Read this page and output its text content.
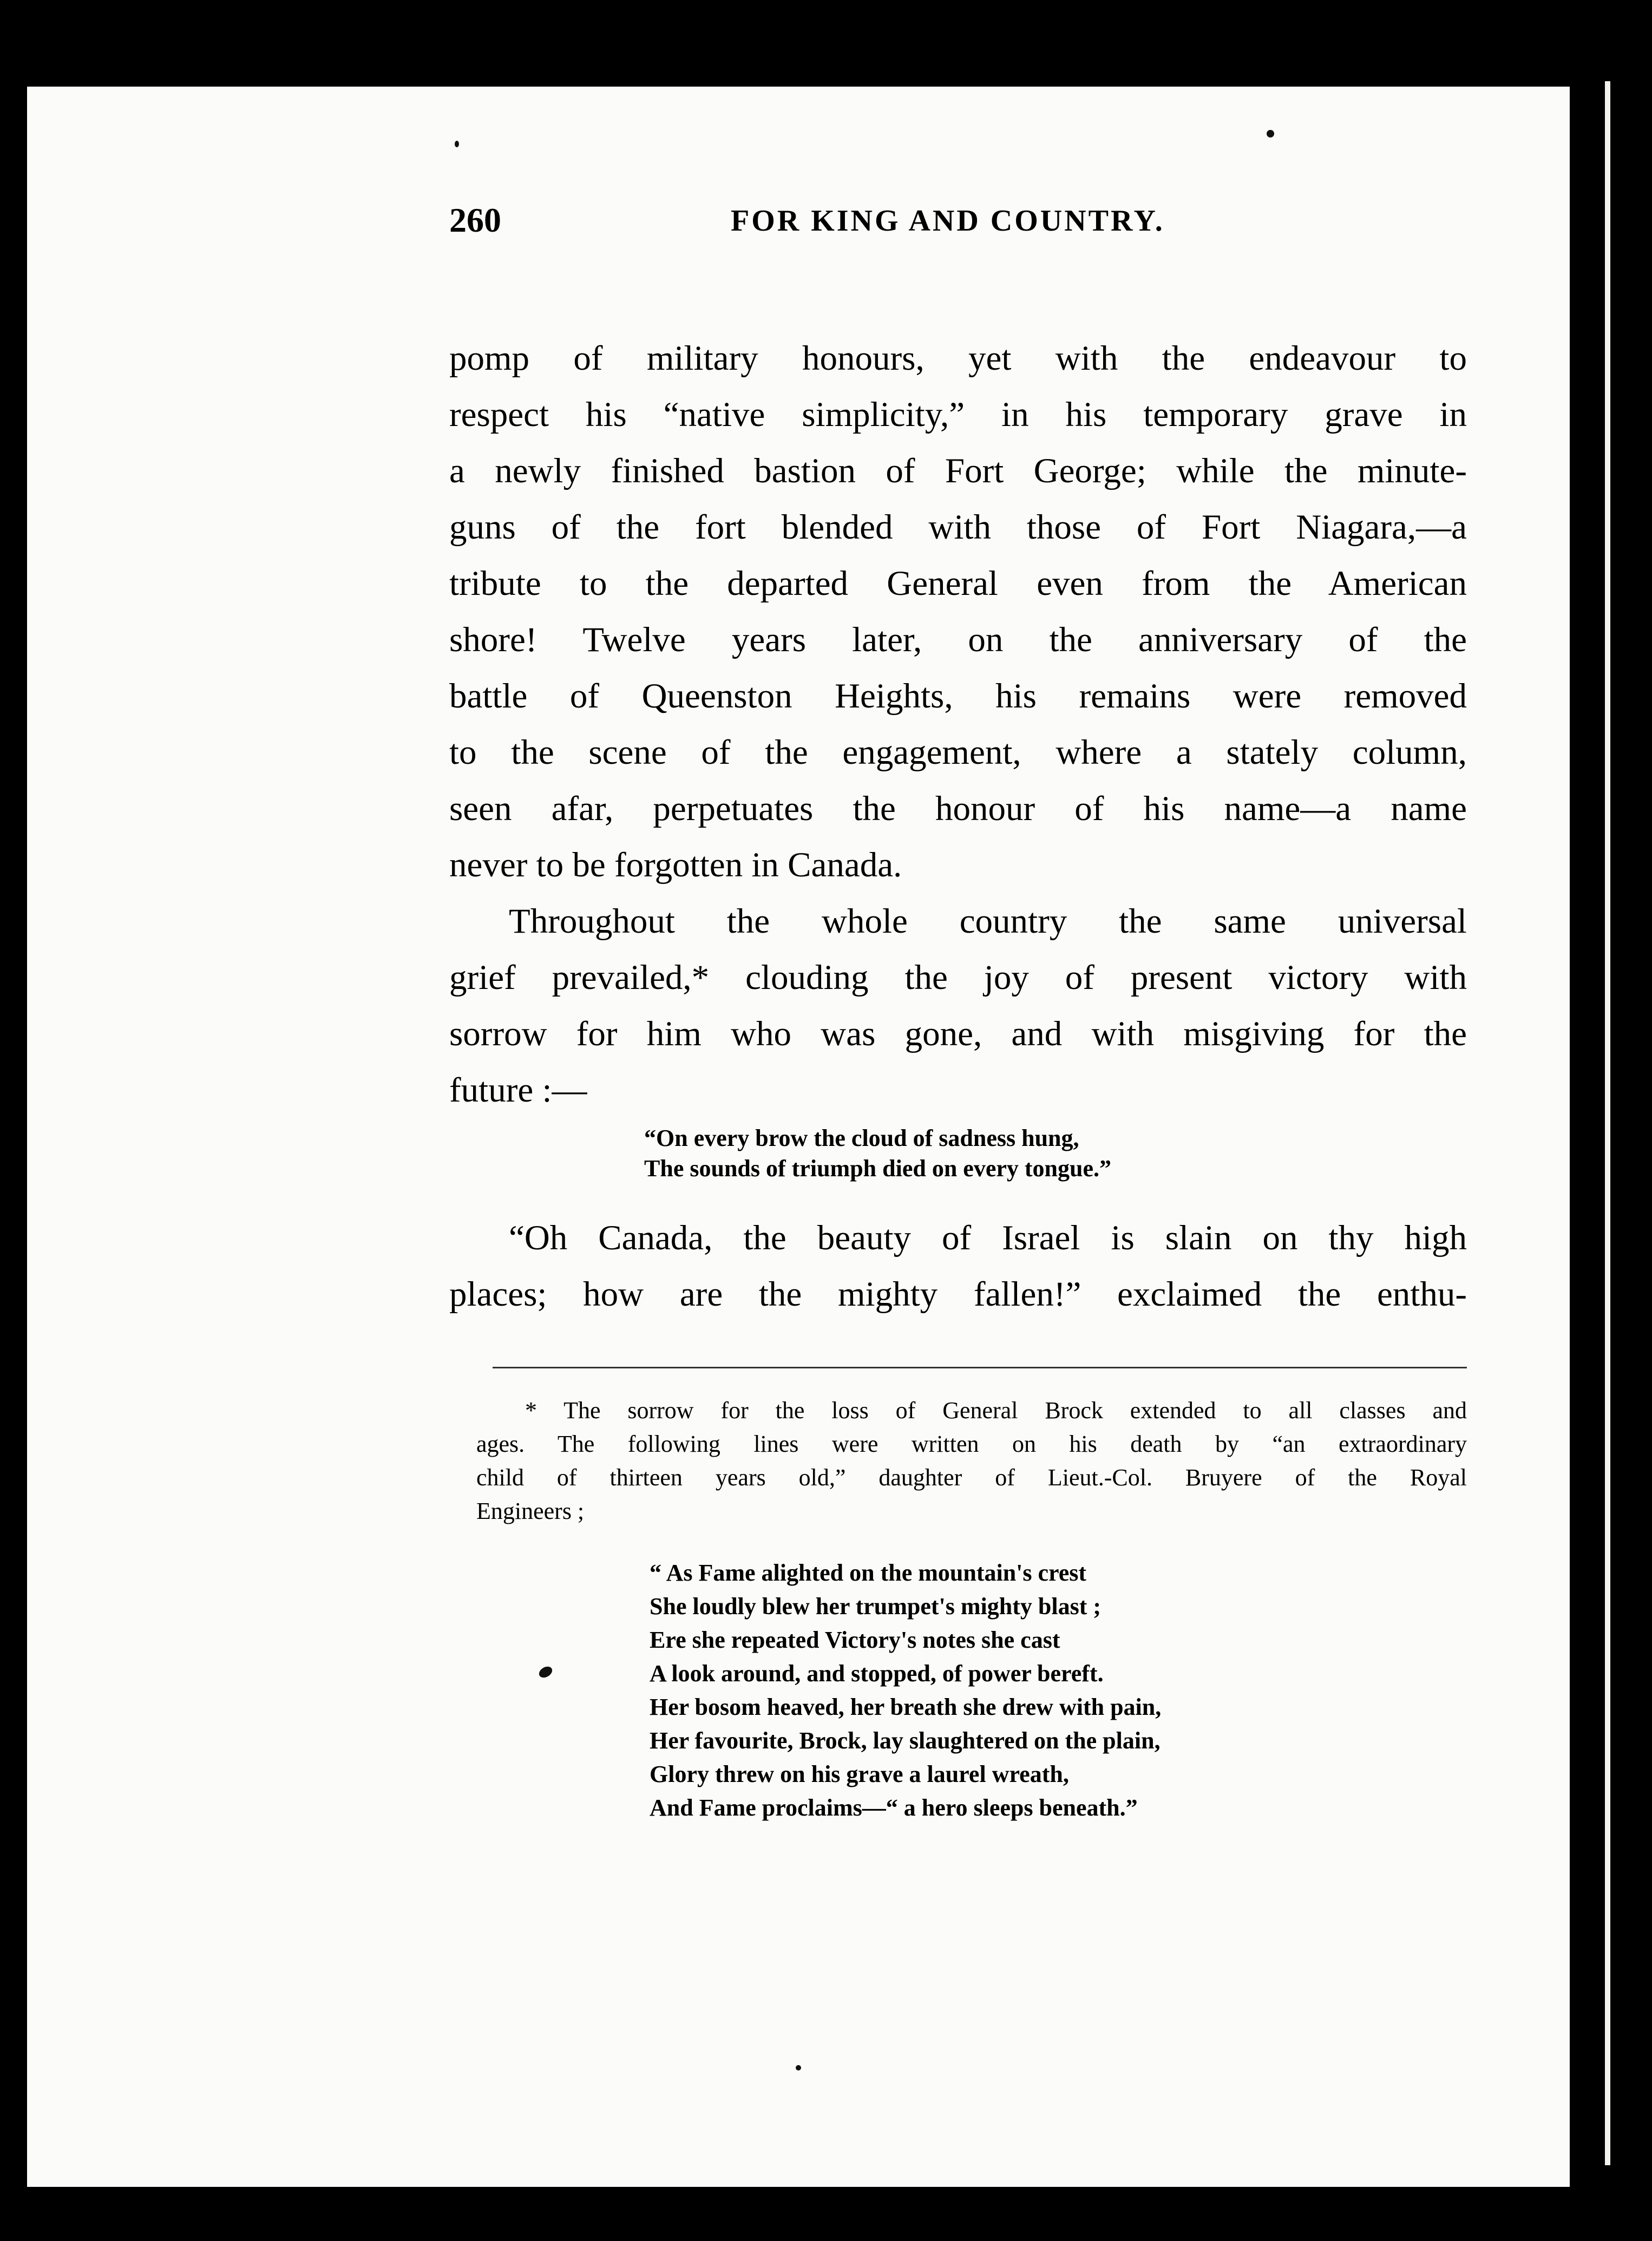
260	FOR KING AND COUNTRY.
pomp of military honours, yet with the endeavour to
respect his “native simplicity,” in his temporary grave in
a newly finished bastion of Fort George; while the minute-
guns of the fort blended with those of Fort Niagara,—a
tribute to the departed General even from the American
shore! Twelve years later, on the anniversary of the
battle of Queenston Heights, his remains were removed
to the scene of the engagement, where a stately column,
seen afar, perpetuates the honour of his name—a name
never to be forgotten in Canada.
Throughout the whole country the same universal
grief prevailed,* clouding the joy of present victory with
sorrow for him who was gone, and with misgiving for the
future :—
“On every brow the cloud of sadness hung,
The sounds of triumph died on every tongue.”
“Oh Canada, the beauty of Israel is slain on thy high
places; how are the mighty fallen!” exclaimed the enthu-
* The sorrow for the loss of General Brock extended to all classes and
ages. The following lines were written on his death by “an extraordinary
child of thirteen years old,” daughter of Lieut.-Col. Bruyere of the Royal
Engineers ;
“ As Fame alighted on the mountain's crest
She loudly blew her trumpet's mighty blast ;
Ere she repeated Victory's notes she cast
A look around, and stopped, of power bereft.
Her bosom heaved, her breath she drew with pain,
Her favourite, Brock, lay slaughtered on the plain,
Glory threw on his grave a laurel wreath,
And Fame proclaims—“ a hero sleeps beneath.”
